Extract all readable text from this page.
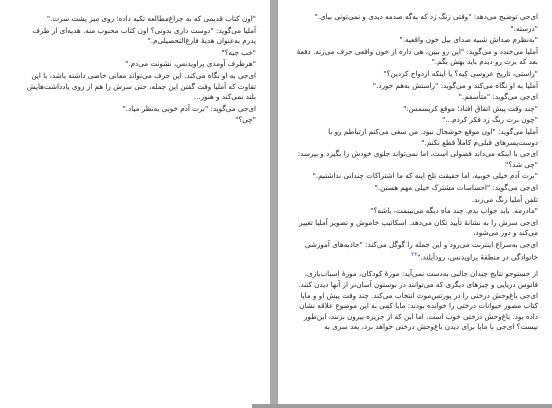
"اون کتاب قدیمی که به چراغ‌مطالعه تکیه داده؛ روی میز پشت سرت."

آملیا می‌گوید: "دوست داری بدونی؟ اون کتاب محبوب منه. هدیه‌ای از طرف پدرم به‌عنوان هدیهٔ فارغ‌التحصیلی‌م."

"خب چیه؟"

"هرطرف آومدی پراویدنس، نشونت می‌دم."

ای‌جی به او نگاه می‌کند. این حرف می‌تواند معانی خاصی داشته باشد، با این تفاوت که آملیا وقت گفتن این جمله، حتی سرش را هم از روی یادداشت‌هایش بلند نمی‌کند و هنوز...

ای‌جی می‌گوید: "برت آدم خوبی به‌نظر میاد."

"چی؟"

ای‌جی توضیح می‌دهد: "وقتی زنگ زد که یه‌گه صدمه دیدی و نمی‌تونی بیای."

"درسته."

"به‌نظرم صداش شبیه صدای بیل خون واقعیه."

آملیا می‌خندد و می‌گوید: "این رو ببین، هی داره از خون واقعی حرف می‌زنه. دفعهٔ بعد که برت رو دیدم باید بهش بگم."

"راستی، تاریخ عروسی کِیه؟ یا اینکه ازدواج کردین؟"

آملیا به او نگاه می‌کند و می‌گوید: "راستش به‌هم خورد."

ای‌جی می‌گوید: "متأسفم."

"چند وقت پیش اتفاق افتاد؛ موقع کریسمس."

"چون برت زنگ زد فکر کردم..."

آملیا می‌گوید: "اون موقع خوشحال نبود. من سعی می‌کنم ارتباطم رو با دوست‌پسرهای قبلی‌م کاملاً قطع نکنم."

ای‌جی با اینکه می‌داند فضولی است، اما نمی‌تواند جلوی خودش را بگیرد و بپرسد: "چی شد؟"

"برت آدم خیلی خوبیه، اما حقیقت تلخ اینه که ما اشتراکات چندانی نداشتیم."

ای‌جی می‌گوید: "احساسات مشترک خیلی مهم هستن."

تلفن آملیا زنگ می‌زند.

"مادرمه. باید جواب بدم. چند ماه دیگه می‌بینمت، باشه؟"

ای‌جی سرش را به نشانهٔ تأیید تکان می‌دهد. اسکاتیپ خاموش و تصویر آملیا تغییر می‌کند و دور می‌شود.

ای‌جی به‌سراغ اینترنت می‌رود و این جمله را گوگل می‌کند: "جاذبه‌های آموزشی خانوادگی در منطقهٔ پراویدنس، رودآیلند."$^{۴۳}$

از جستوجو نتایج چندان جالبی به‌دست نمی‌آید: موزهٔ کودکان، موزهٔ اسباب‌بازی، فانوس دریایی و چیزهای دیگری که می‌توانند در بوستون آسان‌تر از آنها دیدن کنند. ای‌جی باغ‌وحش درختی را در پورتس‌موث انتخاب می‌کند. چند وقت پیش او و مایا کتاب مصور حیوانات درختی را خوانده بودند: مایا کمی به این موضوع علاقه نشان داده بود. باغ‌وحش درختی خوب است. اما این که از جزیره بیرون بزنند، این‌طور نیست؟ ای‌جی با مایا برای دیدن باغ‌وحش درختی خواهد برد، بعد سری به
